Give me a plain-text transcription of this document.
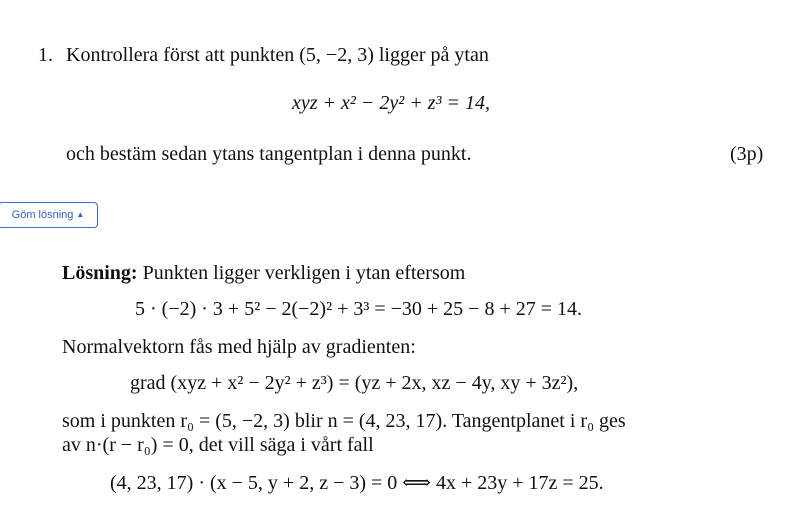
1. Kontrollera först att punkten (5, −2, 3) ligger på ytan
xyz + x² − 2y² + z³ = 14,
och bestäm sedan ytans tangentplan i denna punkt.	(3p)
Göm lösning ▲
Lösning: Punkten ligger verkligen i ytan eftersom
5 · (−2) · 3 + 5² − 2(−2)² + 3³ = −30 + 25 − 8 + 27 = 14.
Normalvektorn fås med hjälp av gradienten:
grad (xyz + x² − 2y² + z³) = (yz + 2x, xz − 4y, xy + 3z²),
som i punkten r₀ = (5, −2, 3) blir n = (4, 23, 17). Tangentplanet i r₀ ges
av n·(r − r₀) = 0, det vill säga i vårt fall
(4, 23, 17) · (x − 5, y + 2, z − 3) = 0 ⟺ 4x + 23y + 17z = 25.
